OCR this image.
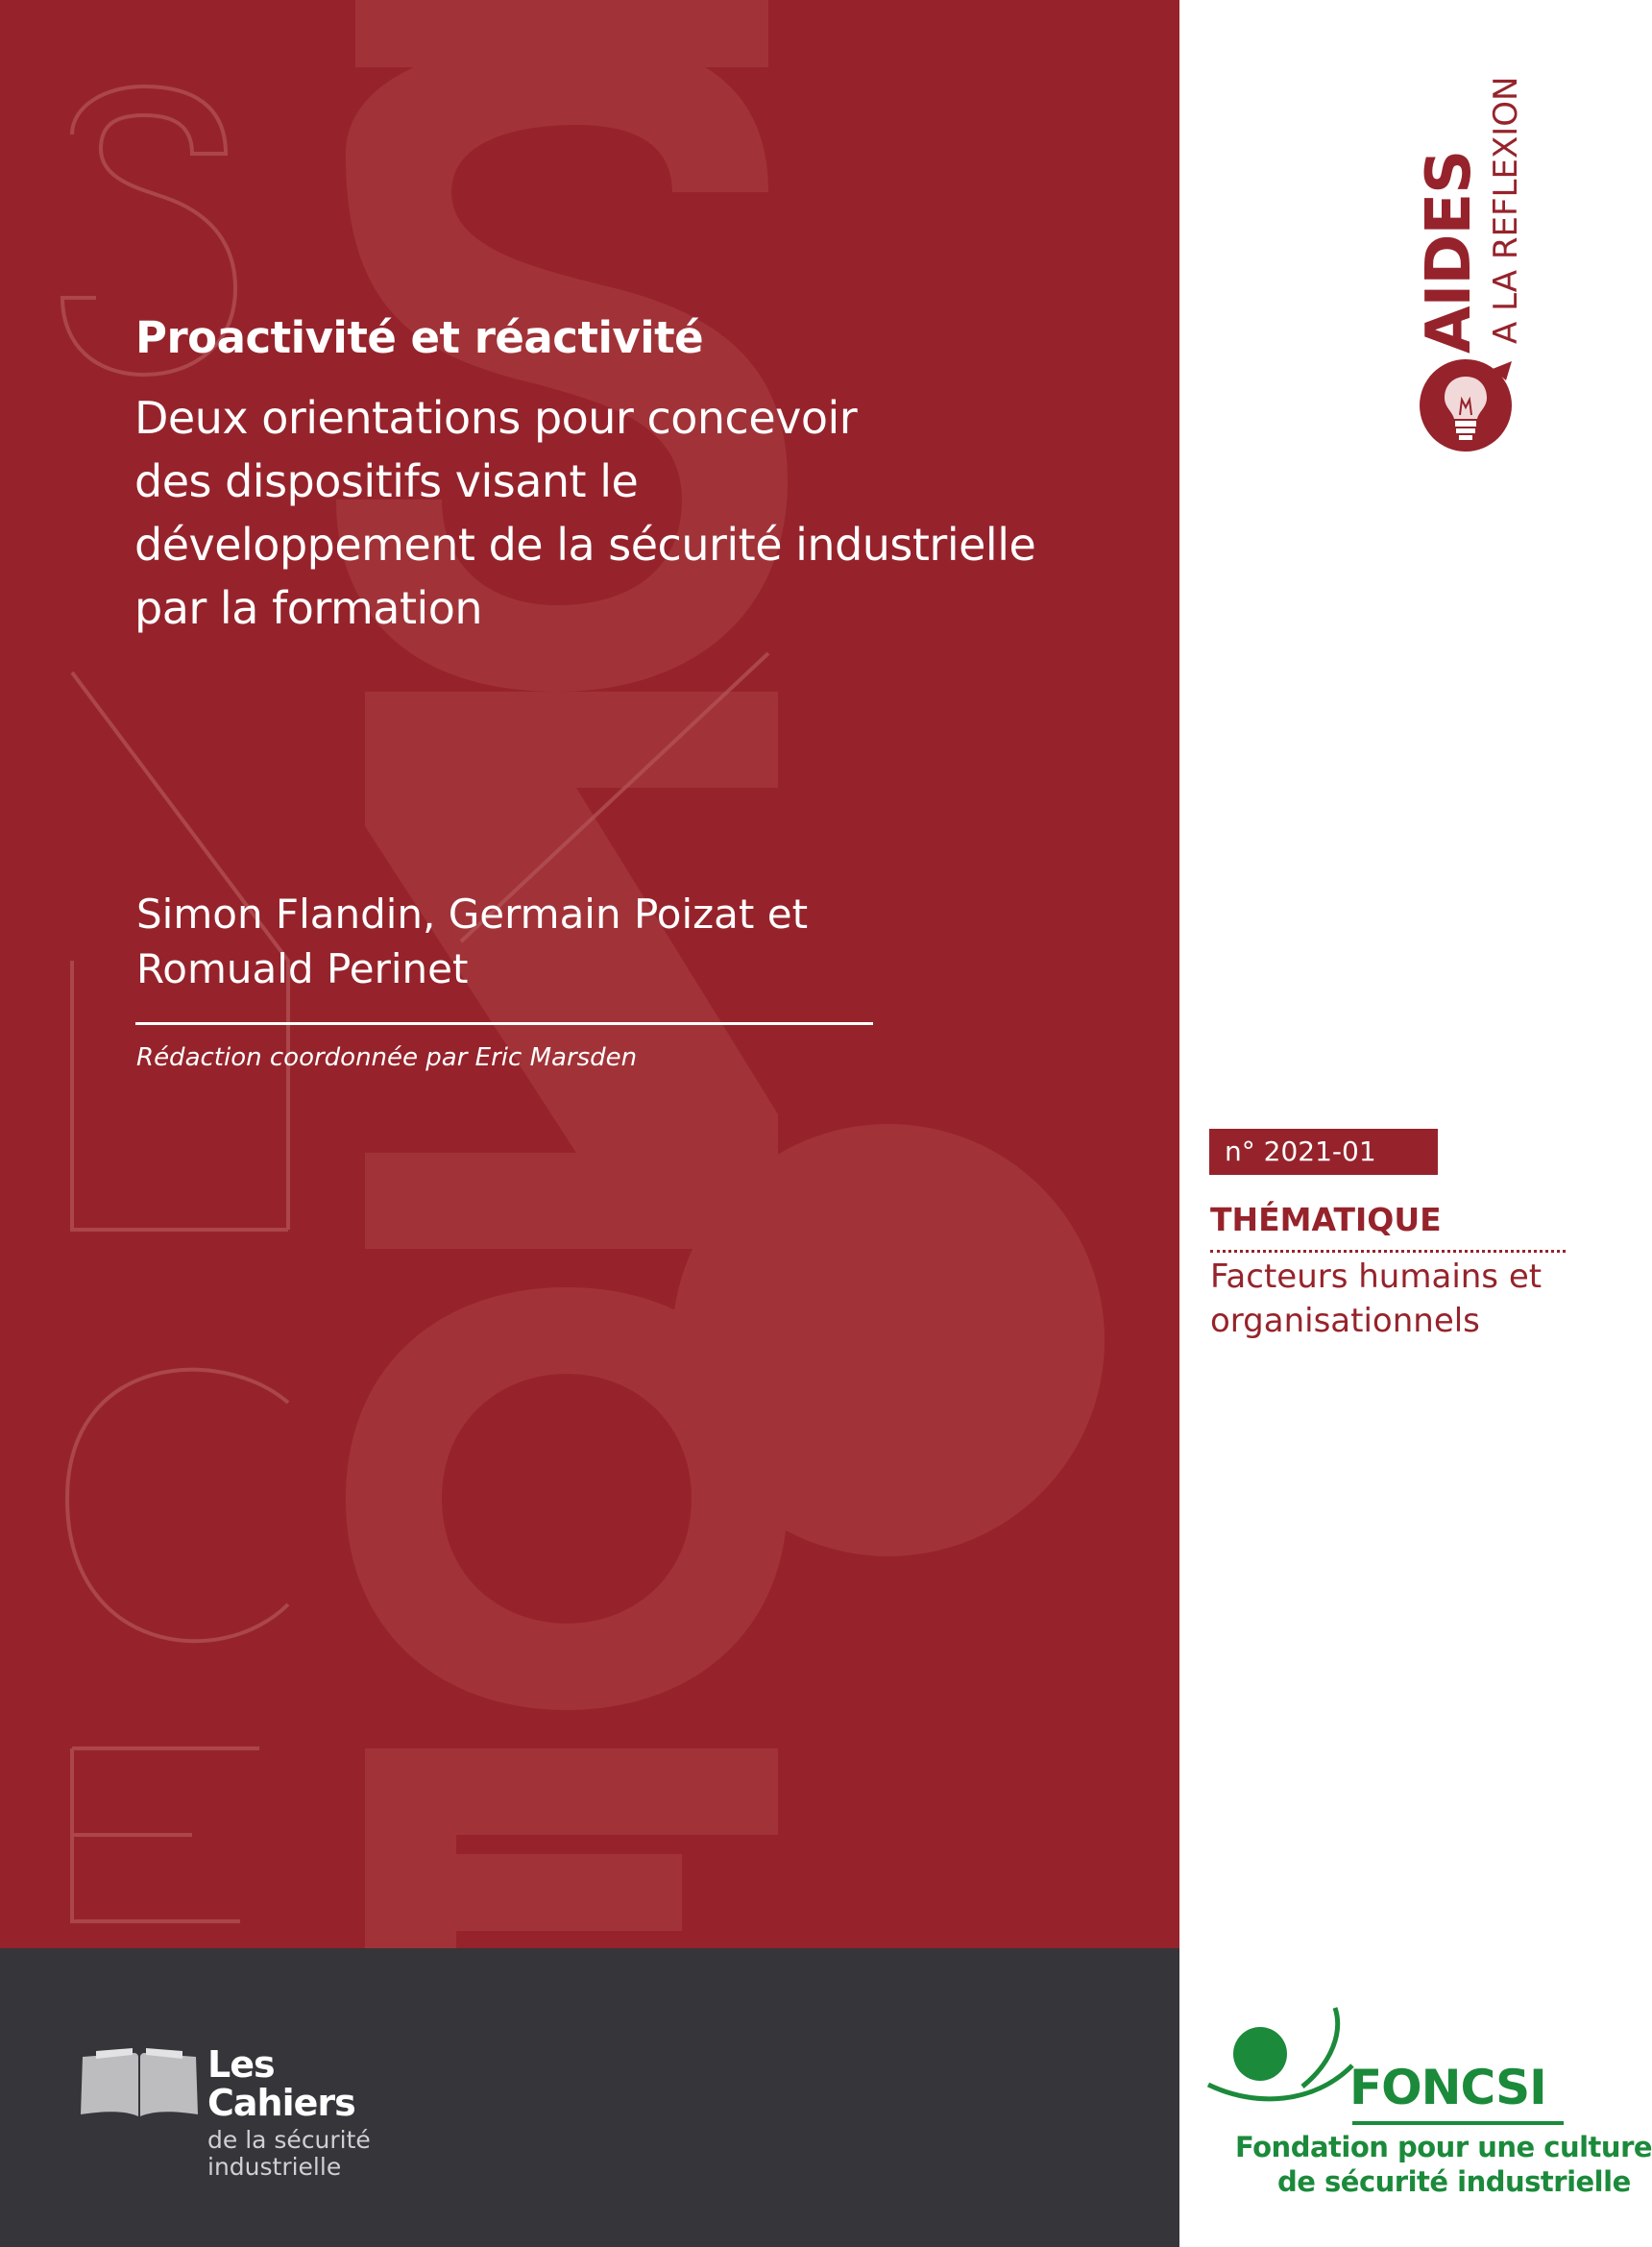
Proactivité et réactivité
Deux orientations pour concevoir
des dispositifs visant le
développement de la sécurité industrielle
par la formation
Simon Flandin, Germain Poizat et
Romuald Perinet
Rédaction coordonnée par Eric Marsden
Les
Cahiers
de la sécurité
industrielle
AIDES A LA REFLEXION
n° 2021-01
THÉMATIQUE
Facteurs humains et
organisationnels
FONCSI
Fondation pour une culture
de sécurité industrielle
